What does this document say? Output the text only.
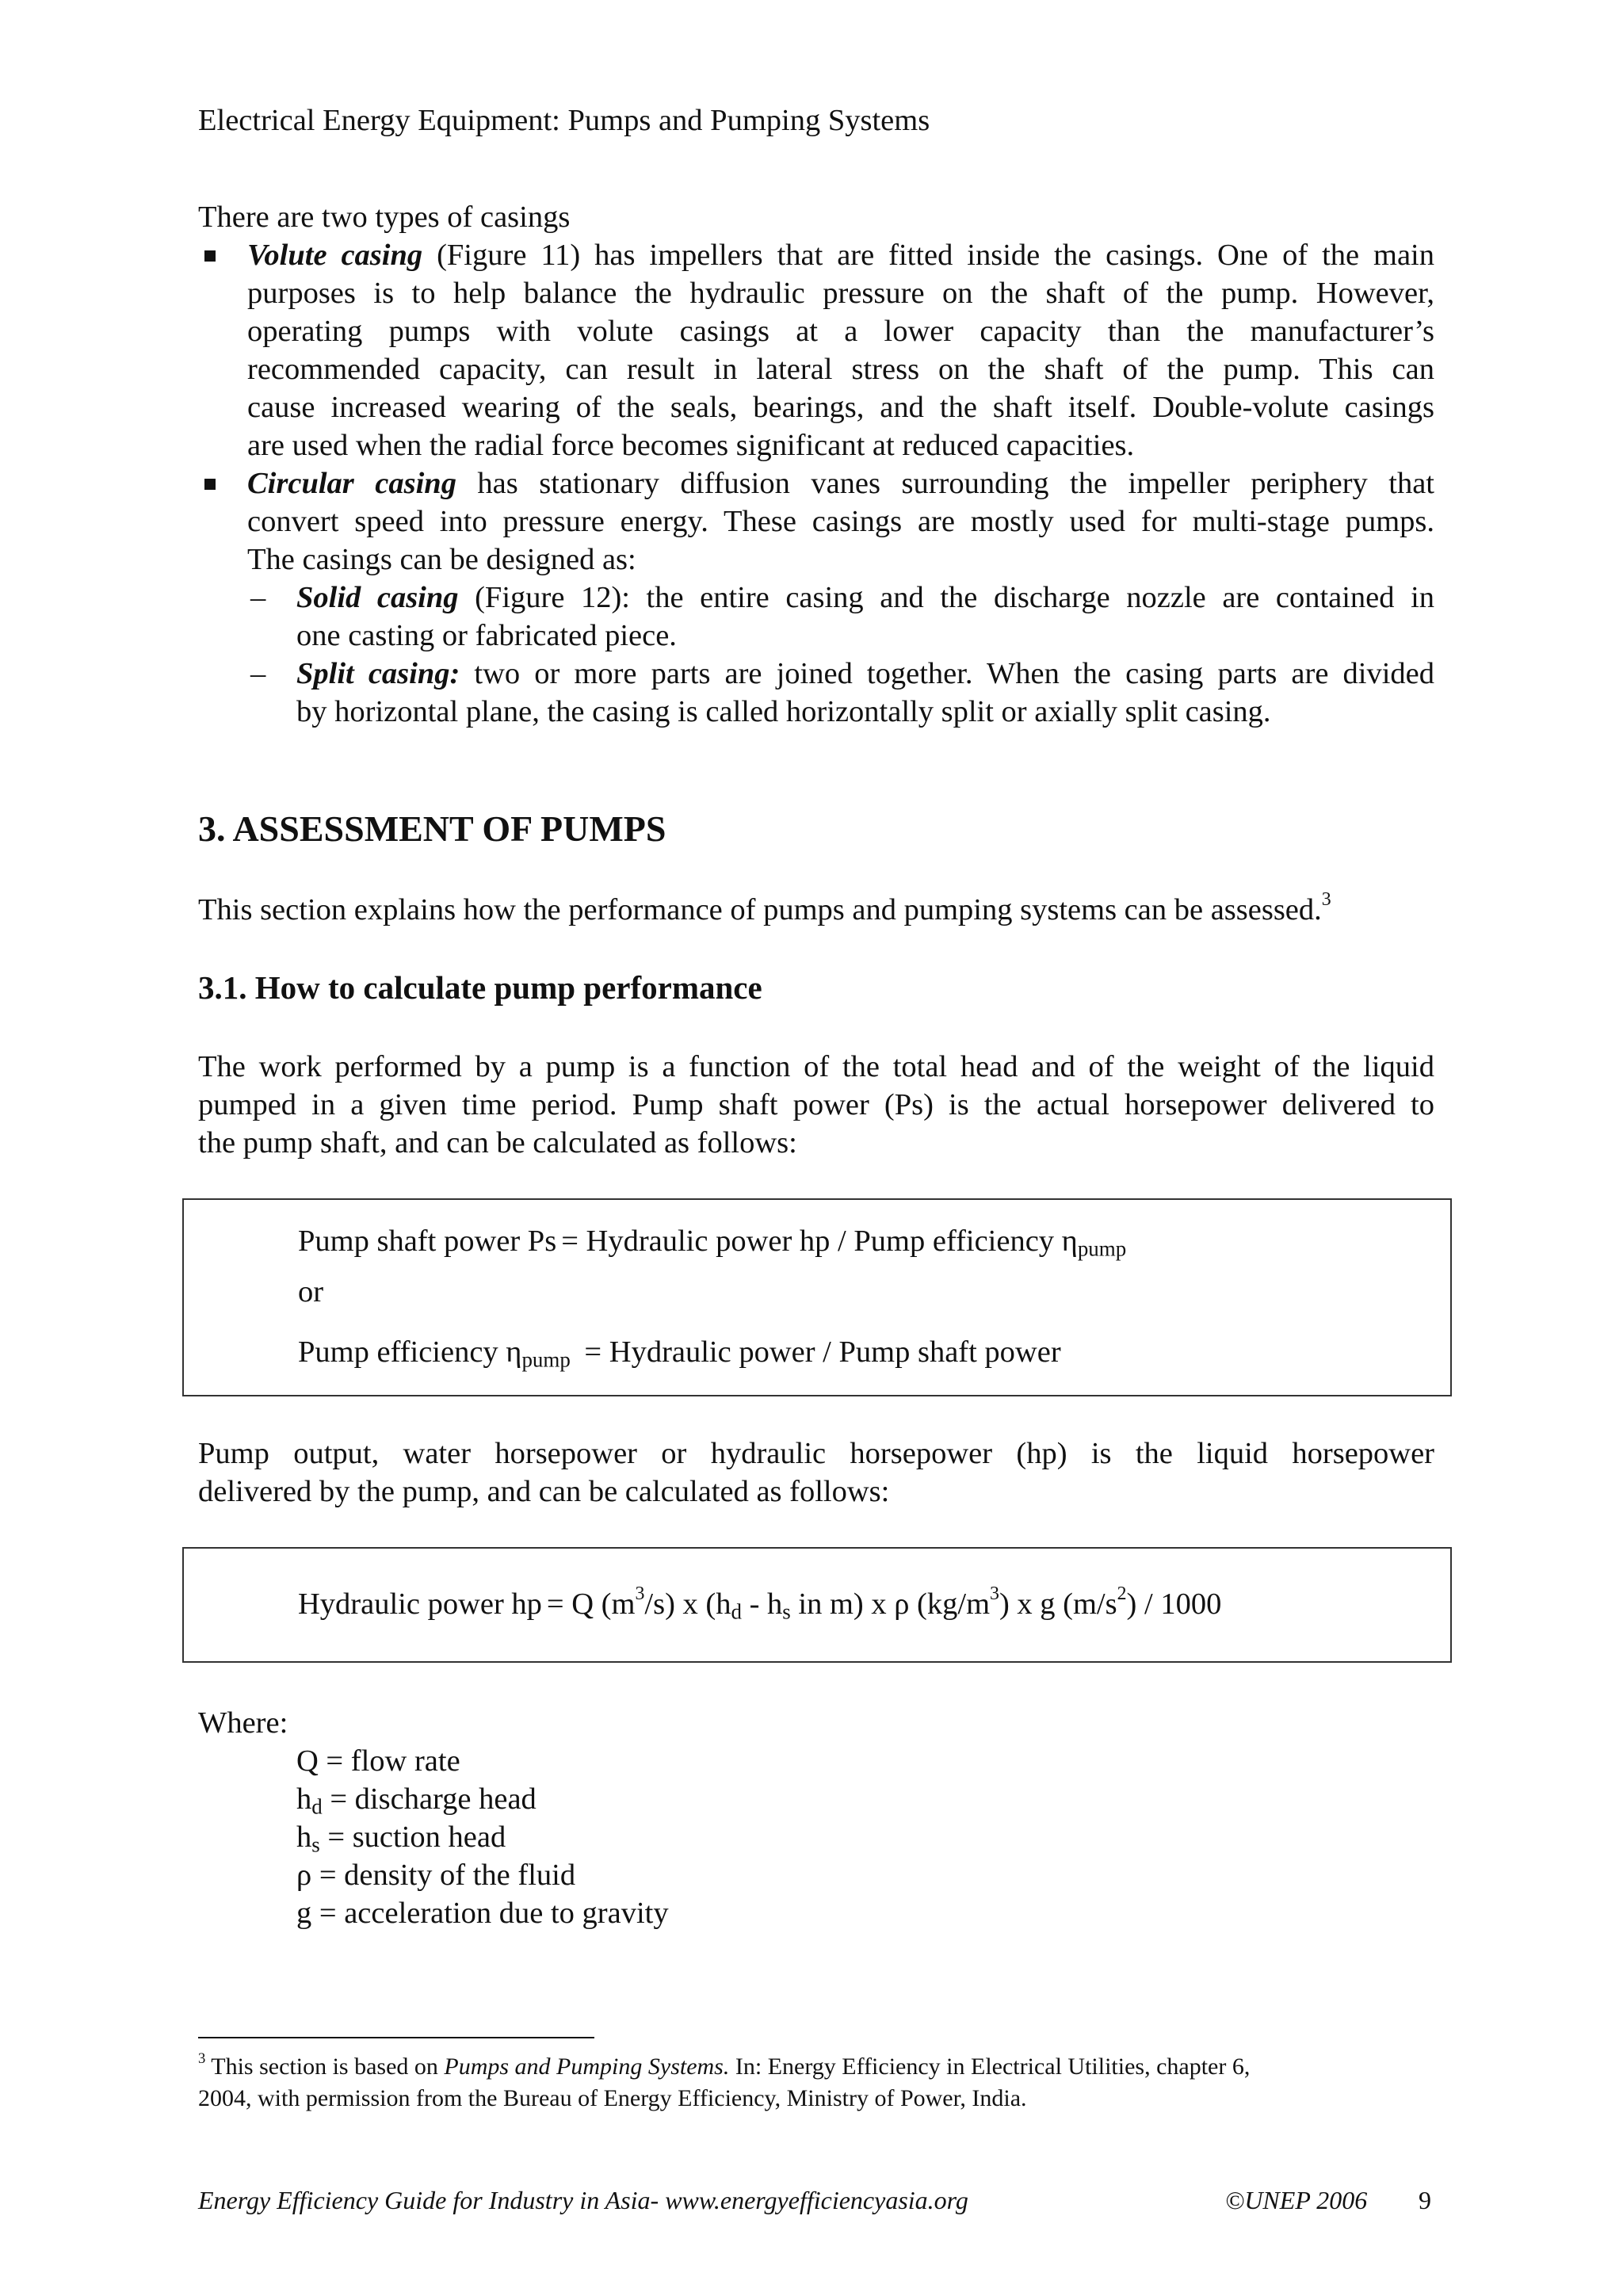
Electrical Energy Equipment: Pumps and Pumping Systems
There are two types of casings
Volute casing (Figure 11) has impellers that are fitted inside the casings. One of the main
purposes is to help balance the hydraulic pressure on the shaft of the pump. However,
operating pumps with volute casings at a lower capacity than the manufacturer’s
recommended capacity, can result in lateral stress on the shaft of the pump. This can
cause increased wearing of the seals, bearings, and the shaft itself. Double-volute casings
are used when the radial force becomes significant at reduced capacities.
Circular casing has stationary diffusion vanes surrounding the impeller periphery that
convert speed into pressure energy. These casings are mostly used for multi-stage pumps.
The casings can be designed as:
– Solid casing (Figure 12): the entire casing and the discharge nozzle are contained in
one casting or fabricated piece.
– Split casing: two or more parts are joined together. When the casing parts are divided
by horizontal plane, the casing is called horizontally split or axially split casing.
3. ASSESSMENT OF PUMPS
This section explains how the performance of pumps and pumping systems can be assessed.$^3$
3.1. How to calculate pump performance
The work performed by a pump is a function of the total head and of the weight of the liquid
pumped in a given time period. Pump shaft power (Ps) is the actual horsepower delivered to
the pump shaft, and can be calculated as follows:
Pump shaft power Ps = Hydraulic power hp / Pump efficiency $\eta_{pump}$
or
Pump efficiency $\eta_{pump}$ = Hydraulic power / Pump shaft power
Pump output, water horsepower or hydraulic horsepower (hp) is the liquid horsepower
delivered by the pump, and can be calculated as follows:
Hydraulic power hp = Q $(m^3/s)$ x ($h_d - h_s$ in m) x ρ $(kg/m^3)$ x g $(m/s^2) / 1000$
Where:
Q = flow rate
$h_d$ = discharge head
$h_s$ = suction head
ρ = density of the fluid
g = acceleration due to gravity
$^3$ This section is based on Pumps and Pumping Systems. In: Energy Efficiency in Electrical Utilities, chapter 6,
2004, with permission from the Bureau of Energy Efficiency, Ministry of Power, India.
Energy Efficiency Guide for Industry in Asia- www.energyefficiencyasia.org	©UNEP 2006 9
